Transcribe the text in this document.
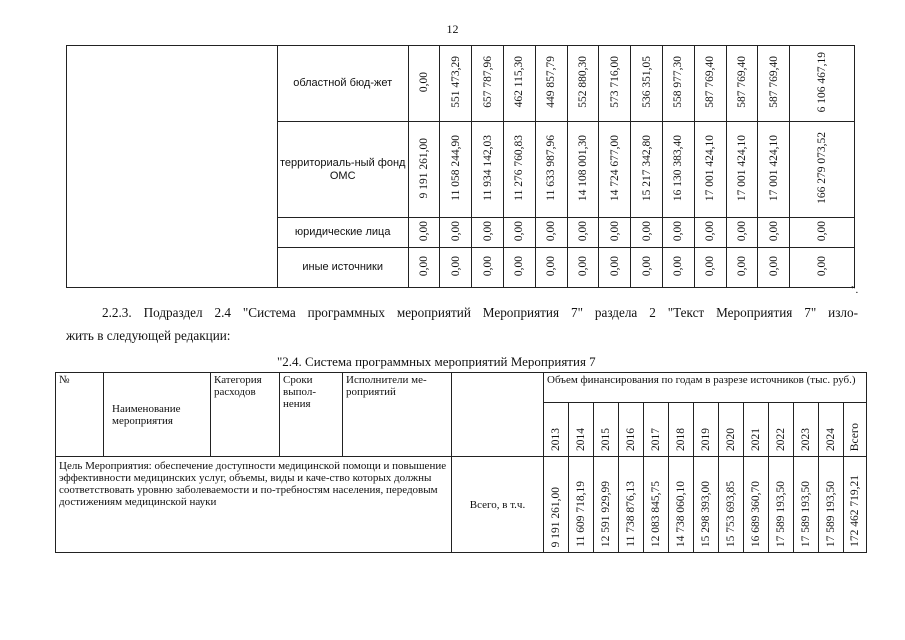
12
	областной бюд-жет	0,00	551 473,29	657 787,96	462 115,30	449 857,79	552 880,30	573 716,00	536 351,05	558 977,30	587 769,40	587 769,40	587 769,40	6 106 467,19
	территориаль-ный фонд ОМС	9 191 261,00	11 058 244,90	11 934 142,03	11 276 760,83	11 633 987,96	14 108 001,30	14 724 677,00	15 217 342,80	16 130 383,40	17 001 424,10	17 001 424,10	17 001 424,10	166 279 073,52
	юридические лица	0,00	0,00	0,00	0,00	0,00	0,00	0,00	0,00	0,00	0,00	0,00	0,00	0,00
	иные источники	0,00	0,00	0,00	0,00	0,00	0,00	0,00	0,00	0,00	0,00	0,00	0,00	0,00
".
2.2.3. Подраздел 2.4 "Система программных мероприятий Мероприятия 7" раздела 2 "Текст Мероприятия 7" изло-
жить в следующей редакции:
"2.4. Система программных мероприятий Мероприятия 7
№	Наименование мероприятия	Категория расходов	Сроки выпол-нения	Исполнители ме-роприятий		Объем финансирования по годам в разрезе источников (тыс. руб.)												
						2013	2014	2015	2016	2017	2018	2019	2020	2021	2022	2023	2024	Всего
Цель Мероприятия: обеспечение доступности медицинской помощи и повышение эффективности медицинских услуг, объемы, виды и каче-ство которых должны соответствовать уровню заболеваемости и по-требностям населения, передовым достижениям медицинской науки					Всего, в т.ч.	9 191 261,00	11 609 718,19	12 591 929,99	11 738 876,13	12 083 845,75	14 738 060,10	15 298 393,00	15 753 693,85	16 689 360,70	17 589 193,50	17 589 193,50	17 589 193,50	172 462 719,21
